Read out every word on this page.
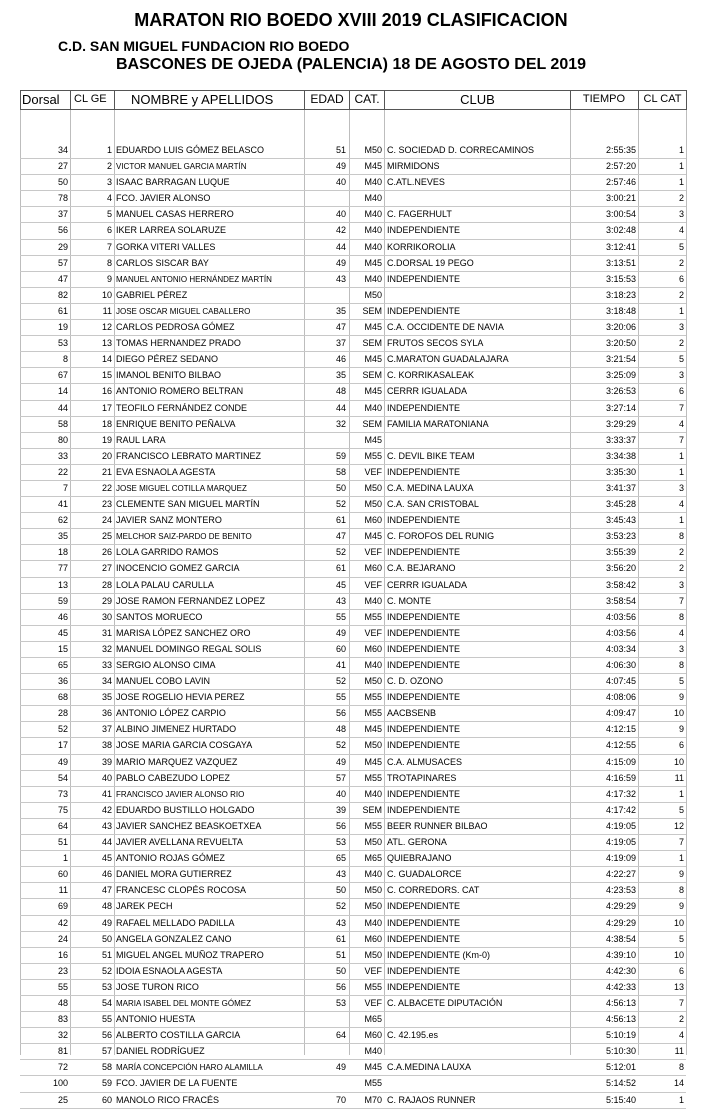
MARATON RIO BOEDO XVIII 2019 CLASIFICACION
C.D. SAN MIGUEL FUNDACION RIO BOEDO
BASCONES DE OJEDA (PALENCIA) 18 DE AGOSTO DEL 2019
Dorsal	CL GE	NOMBRE y APELLIDOS	EDAD CAT.	CLUB	TIEMPO	CL CAT
34	1 EDUARDO LUIS GÓMEZ BELASCO	51	M50 C. SOCIEDAD D. CORRECAMINOS	2:55:35	1
27	2 VICTOR MANUEL GARCIA MARTÍN	49	M45 MIRMIDONS	2:57:20	1
50	3 ISAAC BARRAGAN LUQUE	40	M40 C.ATL.NEVES	2:57:46	1
78	4 FCO. JAVIER ALONSO	M40	3:00:21	2
37	5 MANUEL CASAS HERRERO	40	M40 C. FAGERHULT	3:00:54	3
56	6 IKER LARREA SOLARUZE	42	M40 INDEPENDIENTE	3:02:48	4
29	7 GORKA VITERI VALLES	44	M40 KORRIKOROLIA	3:12:41	5
57	8 CARLOS SISCAR BAY	49	M45 C.DORSAL 19 PEGO	3:13:51	2
47	9 MANUEL ANTONIO HERNÁNDEZ MARTÍN	43	M40 INDEPENDIENTE	3:15:53	6
82	10 GABRIEL PÉREZ	M50	3:18:23	2
61	11 JOSE OSCAR MIGUEL CABALLERO	35	SEM INDEPENDIENTE	3:18:48	1
19	12 CARLOS PEDROSA GÓMEZ	47	M45 C.A. OCCIDENTE DE NAVIA	3:20:06	3
53	13 TOMAS HERNANDEZ PRADO	37	SEM FRUTOS SECOS SYLA	3:20:50	2
8	14 DIEGO PÉREZ SEDANO	46	M45 C.MARATON GUADALAJARA	3:21:54	5
67	15 IMANOL BENITO BILBAO	35	SEM C. KORRIKASALEAK	3:25:09	3
14	16 ANTONIO ROMERO BELTRAN	48	M45 CERRR IGUALADA	3:26:53	6
44	17 TEOFILO FERNÁNDEZ CONDE	44	M40 INDEPENDIENTE	3:27:14	7
58	18 ENRIQUE BENITO PEÑALVA	32	SEM FAMILIA MARATONIANA	3:29:29	4
80	19 RAUL LARA	M45	3:33:37	7
33	20 FRANCISCO LEBRATO MARTINEZ	59	M55 C. DEVIL BIKE TEAM	3:34:38	1
22	21 EVA ESNAOLA AGESTA	58	VEF INDEPENDIENTE	3:35:30	1
7	22 JOSE MIGUEL COTILLA MARQUEZ	50	M50 C.A. MEDINA LAUXA	3:41:37	3
41	23 CLEMENTE SAN MIGUEL MARTÍN	52	M50 C.A. SAN CRISTOBAL	3:45:28	4
62	24 JAVIER SANZ MONTERO	61	M60 INDEPENDIENTE	3:45:43	1
35	25 MELCHOR SAIZ-PARDO DE BENITO	47	M45 C. FOROFOS DEL RUNIG	3:53:23	8
18	26 LOLA GARRIDO RAMOS	52	VEF INDEPENDIENTE	3:55:39	2
77	27 INOCENCIO GOMEZ GARCIA	61	M60 C.A. BEJARANO	3:56:20	2
13	28 LOLA PALAU CARULLA	45	VEF CERRR IGUALADA	3:58:42	3
59	29 JOSE RAMON FERNANDEZ LOPEZ	43	M40 C. MONTE	3:58:54	7
46	30 SANTOS MORUECO	55	M55 INDEPENDIENTE	4:03:56	8
45	31 MARISA LÓPEZ SANCHEZ ORO	49	VEF INDEPENDIENTE	4:03:56	4
15	32 MANUEL DOMINGO REGAL SOLIS	60	M60 INDEPENDIENTE	4:03:34	3
65	33 SERGIO ALONSO CIMA	41	M40 INDEPENDIENTE	4:06:30	8
36	34 MANUEL COBO LAVIN	52	M50 C. D. OZONO	4:07:45	5
68	35 JOSE ROGELIO HEVIA PEREZ	55	M55 INDEPENDIENTE	4:08:06	9
28	36 ANTONIO LÓPEZ CARPIO	56	M55 AACBSENB	4:09:47	10
52	37 ALBINO JIMENEZ HURTADO	48	M45 INDEPENDIENTE	4:12:15	9
17	38 JOSE MARIA GARCIA COSGAYA	52	M50 INDEPENDIENTE	4:12:55	6
49	39 MARIO MARQUEZ VAZQUEZ	49	M45 C.A. ALMUSACES	4:15:09	10
54	40 PABLO CABEZUDO LOPEZ	57	M55 TROTAPINARES	4:16:59	11
73	41 FRANCISCO JAVIER ALONSO RIO	40	M40 INDEPENDIENTE	4:17:32	1
75	42 EDUARDO BUSTILLO HOLGADO	39	SEM INDEPENDIENTE	4:17:42	5
64	43 JAVIER SANCHEZ BEASKOETXEA	56	M55 BEER RUNNER BILBAO	4:19:05	12
51	44 JAVIER AVELLANA REVUELTA	53	M50 ATL. GERONA	4:19:05	7
1	45 ANTONIO ROJAS GÓMEZ	65	M65 QUIEBRAJANO	4:19:09	1
60	46 DANIEL MORA GUTIERREZ	43	M40 C. GUADALORCE	4:22:27	9
11	47 FRANCESC CLOPÉS ROCOSA	50	M50 C. CORREDORS. CAT	4:23:53	8
69	48 JAREK PECH	52	M50 INDEPENDIENTE	4:29:29	9
42	49 RAFAEL MELLADO PADILLA	43	M40 INDEPENDIENTE	4:29:29	10
24	50 ANGELA GONZALEZ CANO	61	M60 INDEPENDIENTE	4:38:54	5
16	51 MIGUEL ANGEL MUÑOZ TRAPERO	51	M50 INDEPENDIENTE (Km-0)	4:39:10	10
23	52 IDOIA ESNAOLA AGESTA	50	VEF INDEPENDIENTE	4:42:30	6
55	53 JOSE TURON RICO	56	M55 INDEPENDIENTE	4:42:33	13
48	54 MARIA ISABEL DEL MONTE GÓMEZ	53	VEF C. ALBACETE DIPUTACIÓN	4:56:13	7
83	55 ANTONIO HUESTA	M65	4:56:13	2
32	56 ALBERTO COSTILLA GARCIA	64	M60 C. 42.195.es	5:10:19	4
81	57 DANIEL RODRÍGUEZ	M40	5:10:30	11
72	58 MARÍA CONCEPCIÓN HARO ALAMILLA	49	M45 C.A.MEDINA LAUXA	5:12:01	8
100	59 FCO. JAVIER DE LA FUENTE	M55	5:14:52	14
25	60 MANOLO RICO FRACÉS	70	M70 C. RAJAOS RUNNER	5:15:40	1
